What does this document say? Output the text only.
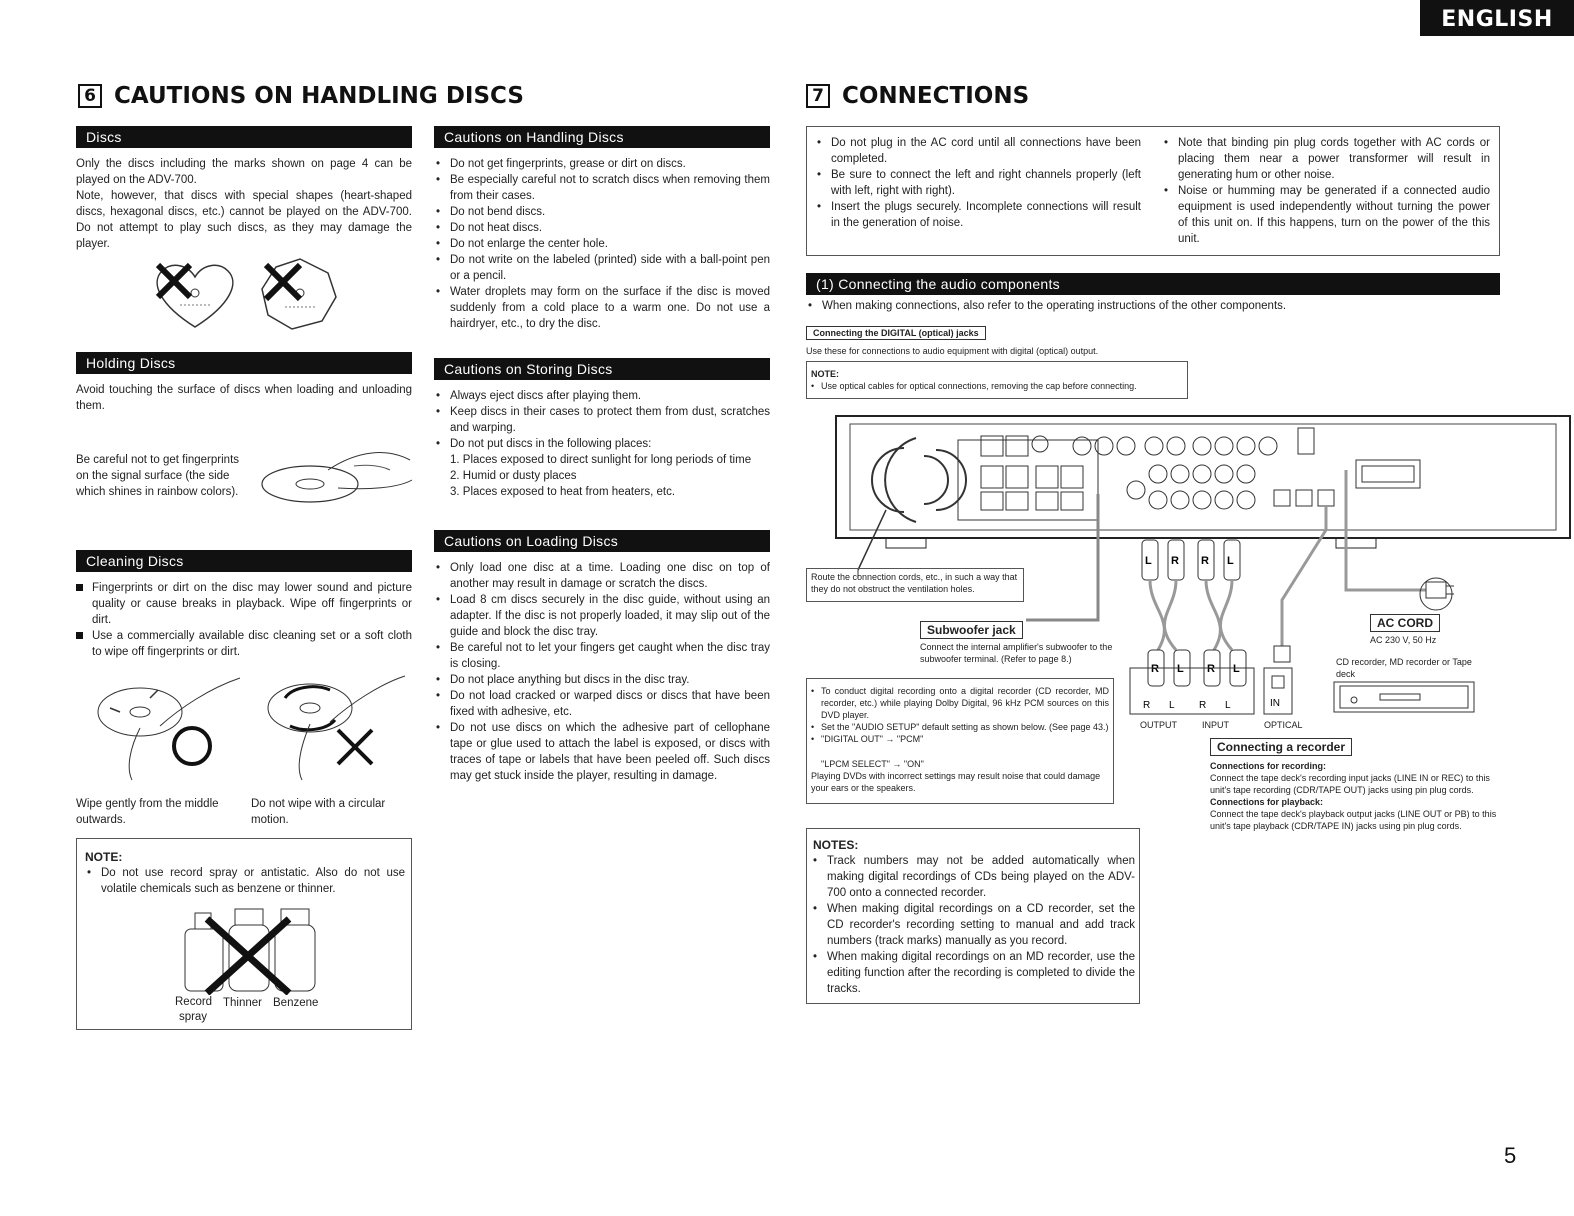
ENGLISH
6 CAUTIONS ON HANDLING DISCS
Discs

Only the discs including the marks shown on page 4 can be played on the ADV-700.

Note, however, that discs with special shapes (heart-shaped discs, hexagonal discs, etc.) cannot be played on the ADV-700. Do not attempt to play such discs, as they may damage the player.

Holding Discs

Avoid touching the surface of discs when loading and unloading them.

Be careful not to get fingerprints on the signal surface (the side which shines in rainbow colors).

Cleaning Discs
Fingerprints or dirt on the disc may lower sound and picture quality or cause breaks in playback. Wipe off fingerprints or dirt.
Use a commercially available disc cleaning set or a soft cloth to wipe off fingerprints or dirt.

Wipe gently from the middle outwards.

Do not wipe with a circular motion.

NOTE:
• Do not use record spray or antistatic. Also do not use volatile chemicals such as benzene or thinner.
Record spray
Thinner Benzene
Cautions on Handling Discs
• Do not get fingerprints, grease or dirt on discs.
• Be especially careful not to scratch discs when removing them from their cases.
• Do not bend discs.
• Do not heat discs.
• Do not enlarge the center hole.
• Do not write on the labeled (printed) side with a ball-point pen or a pencil.
• Water droplets may form on the surface if the disc is moved suddenly from a cold place to a warm one. Do not use a hairdryer, etc., to dry the disc.
Cautions on Storing Discs
• Always eject discs after playing them.
• Keep discs in their cases to protect them from dust, scratches and warping.
• Do not put discs in the following places:
1. Places exposed to direct sunlight for long periods of time
2. Humid or dusty places
3. Places exposed to heat from heaters, etc.
Cautions on Loading Discs
• Only load one disc at a time. Loading one disc on top of another may result in damage or scratch the discs.
• Load 8 cm discs securely in the disc guide, without using an adapter. If the disc is not properly loaded, it may slip out of the guide and block the disc tray.
• Be careful not to let your fingers get caught when the disc tray is closing.
• Do not place anything but discs in the disc tray.
• Do not load cracked or warped discs or discs that have been fixed with adhesive, etc.
• Do not use discs on which the adhesive part of cellophane tape or glue used to attach the label is exposed, or discs with traces of tape or labels that have been peeled off. Such discs may get stuck inside the player, resulting in damage.
7 CONNECTIONS
• Do not plug in the AC cord until all connections have been completed.
• Be sure to connect the left and right channels properly (left with left, right with right).
• Insert the plugs securely. Incomplete connections will result in the generation of noise.
• Note that binding pin plug cords together with AC cords or placing them near a power transformer will result in generating hum or other noise.
• Noise or humming may be generated if a connected audio equipment is used independently without turning the power of this unit on. If this happens, turn on the power of the this unit.
(1) Connecting the audio components
• When making connections, also refer to the operating instructions of the other components.
Connecting the DIGITAL (optical) jacks

Use these for connections to audio equipment with digital (optical) output.

NOTE:
• Use optical cables for optical connections, removing the cap before connecting.
L R R L
R L R L
R L R L	IN
Route the connection cords, etc., in such a way that they do not obstruct the ventilation holes.
Subwoofer jack

Connect the internal amplifier's subwoofer to the subwoofer terminal. (Refer to page 8.)

AC CORD
AC 230 V, 50 Hz

CD recorder, MD recorder or Tape deck

OUTPUT	INPUT	OPTICAL
• To conduct digital recording onto a digital recorder (CD recorder, MD recorder, etc.) while playing Dolby Digital, 96 kHz PCM sources on this DVD player.
• Set the "AUDIO SETUP" default setting as shown below. (See page 43.)
• "DIGITAL OUT" → "PCM"

"LPCM SELECT" → "ON"

Playing DVDs with incorrect settings may result noise that could damage your ears or the speakers.

Connecting a recorder
Connections for recording:

Connect the tape deck's recording input jacks (LINE IN or REC) to this unit's tape recording (CDR/TAPE OUT) jacks using pin plug cords.

Connections for playback:

Connect the tape deck's playback output jacks (LINE OUT or PB) to this unit's tape playback (CDR/TAPE IN) jacks using pin plug cords.

NOTES:
• Track numbers may not be added automatically when making digital recordings of CDs being played on the ADV-700 onto a connected recorder.
• When making digital recordings on a CD recorder, set the CD recorder's recording setting to manual and add track numbers (track marks) manually as you record.
• When making digital recordings on an MD recorder, use the editing function after the recording is completed to divide the tracks.
5
